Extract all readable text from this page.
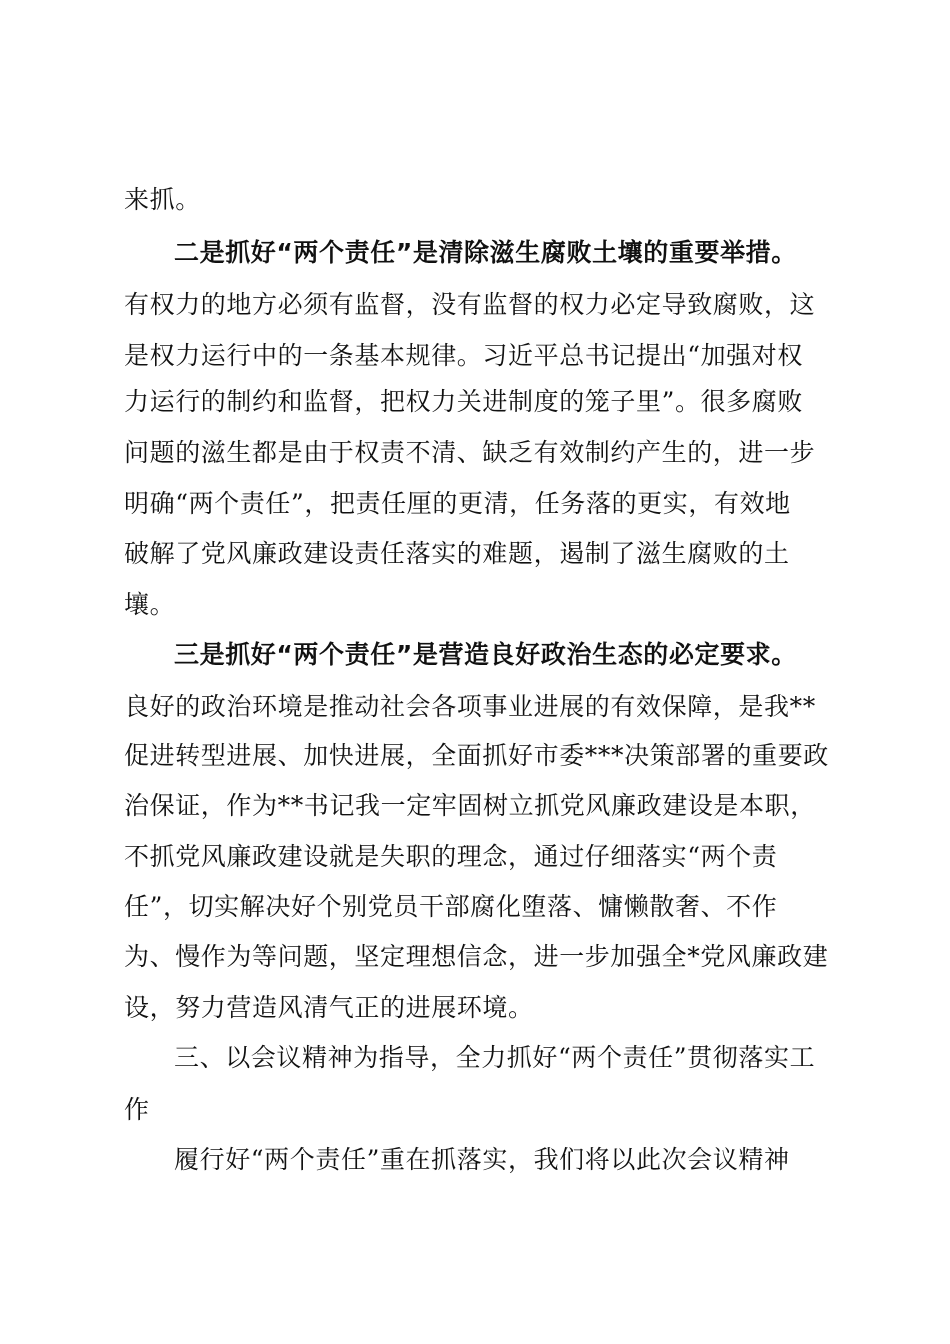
来抓。
二是抓好“两个责任”是清除滋生腐败土壤的重要举措。
有权力的地方必须有监督，没有监督的权力必定导致腐败，这
是权力运行中的一条基本规律。习近平总书记提出“加强对权
力运行的制约和监督，把权力关进制度的笼子里”。很多腐败
问题的滋生都是由于权责不清、缺乏有效制约产生的，进一步
明确“两个责任”，把责任厘的更清，任务落的更实，有效地
破解了党风廉政建设责任落实的难题，遏制了滋生腐败的土
壤。
三是抓好“两个责任”是营造良好政治生态的必定要求。
良好的政治环境是推动社会各项事业进展的有效保障，是我**
促进转型进展、加快进展，全面抓好市委***决策部署的重要政
治保证，作为**书记我一定牢固树立抓党风廉政建设是本职，
不抓党风廉政建设就是失职的理念，通过仔细落实“两个责
任”，切实解决好个别党员干部腐化堕落、慵懒散奢、不作
为、慢作为等问题，坚定理想信念，进一步加强全*党风廉政建
设，努力营造风清气正的进展环境。
三、以会议精神为指导，全力抓好“两个责任”贯彻落实工
作
履行好“两个责任”重在抓落实，我们将以此次会议精神
